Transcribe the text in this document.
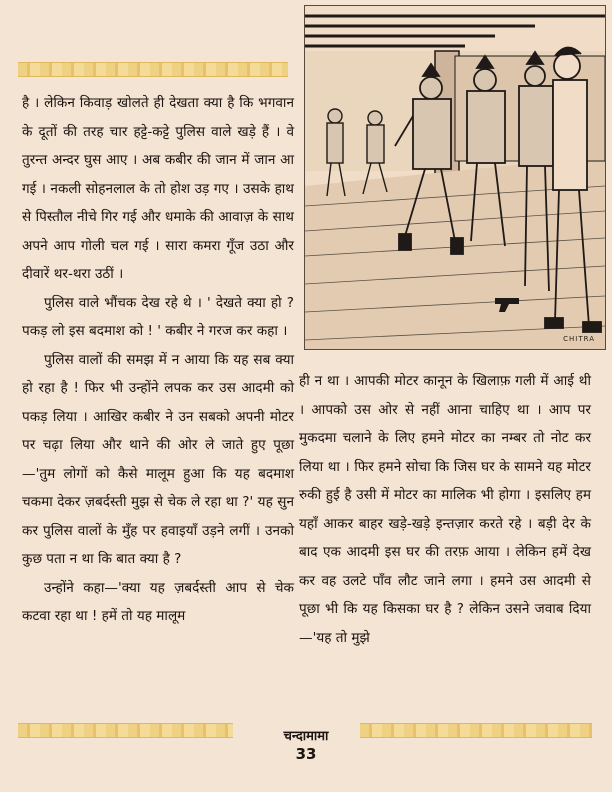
है । लेकिन किवाड़ खोलते ही देखता क्या है कि भगवान के दूतों की तरह चार हट्टे-कट्टे पुलिस वाले खड़े हैं । वे तुरन्त अन्दर घुस आए । अब कबीर की जान में जान आ गई । नकली सोहनलाल के तो होश उड़ गए । उसके हाथ से पिस्तौल नीचे गिर गई और धमाके की आवाज़ के साथ अपने आप गोली चल गई । सारा कमरा गूँज उठा और दीवारें थर-थरा उठीं ।

पुलिस वाले भौंचक देख रहे थे । ' देखते क्या हो ? पकड़ लो इस बदमाश को ! ' कबीर ने गरज कर कहा ।

पुलिस वालों की समझ में न आया कि यह सब क्या हो रहा है ! फिर भी उन्होंने लपक कर उस आदमी को पकड़ लिया । आखिर कबीर ने उन सबको अपनी मोटर पर चढ़ा लिया और थाने की ओर ले जाते हुए पूछा—'तुम लोगों को कैसे मालूम हुआ कि यह बदमाश चकमा देकर ज़बर्दस्ती मुझ से चेक ले रहा था ?' यह सुन कर पुलिस वालों के मुँह पर हवाइयाँ उड़ने लगीं । उनको कुछ पता न था कि बात क्या है ?

उन्होंने कहा—'क्या यह ज़बर्दस्ती आप से चेक कटवा रहा था ! हमें तो यह मालूम

CHITRA

ही न था । आपकी मोटर कानून के खिलाफ़ गली में आई थी । आपको उस ओर से नहीं आना चाहिए था । आप पर मुकदमा चलाने के लिए हमने मोटर का नम्बर तो नोट कर लिया था । फिर हमने सोचा कि जिस घर के सामने यह मोटर रुकी हुई है उसी में मोटर का मालिक भी होगा । इसलिए हम यहाँ आकर बाहर खड़े-खड़े इन्तज़ार करते रहे । बड़ी देर के बाद एक आदमी इस घर की तरफ़ आया । लेकिन हमें देख कर वह उलटे पाँव लौट जाने लगा । हमने उस आदमी से पूछा भी कि यह किसका घर है ? लेकिन उसने जवाब दिया—'यह तो मुझे

चन्दामामा
33
